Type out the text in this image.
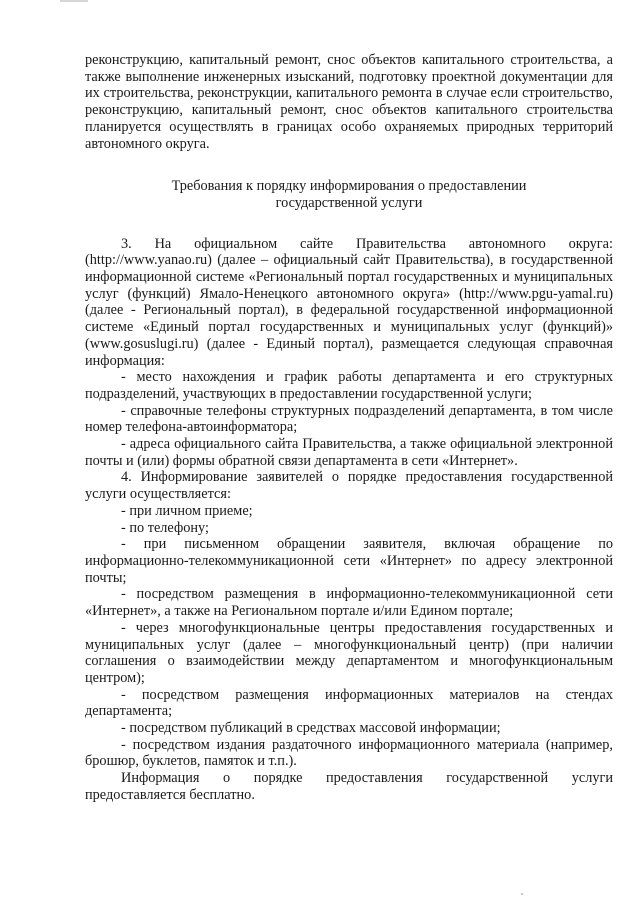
реконструкцию, капитальный ремонт, снос объектов капитального строительства, а также выполнение инженерных изысканий, подготовку проектной документации для их строительства, реконструкции, капитального ремонта в случае если строительство, реконструкцию, капитальный ремонт, снос объектов капитального строительства планируется осуществлять в границах особо охраняемых природных территорий автономного округа.

Требования к порядку информирования о предоставлении
государственной услуги

3. На официальном сайте Правительства автономного округа: (http://www.yanao.ru) (далее – официальный сайт Правительства), в государственной информационной системе «Региональный портал государственных и муниципальных услуг (функций) Ямало-Ненецкого автономного округа» (http://www.pgu-yamal.ru) (далее - Региональный портал), в федеральной государственной информационной системе «Единый портал государственных и муниципальных услуг (функций)» (www.gosuslugi.ru) (далее - Единый портал), размещается следующая справочная информация:

- место нахождения и график работы департамента и его структурных подразделений, участвующих в предоставлении государственной услуги;

- справочные телефоны структурных подразделений департамента, в том числе номер телефона-автоинформатора;

- адреса официального сайта Правительства, а также официальной электронной почты и (или) формы обратной связи департамента в сети «Интернет».

4. Информирование заявителей о порядке предоставления государственной услуги осуществляется:

- при личном приеме;

- по телефону;

- при письменном обращении заявителя, включая обращение по информационно-телекоммуникационной сети «Интернет» по адресу электронной почты;

- посредством размещения в информационно-телекоммуникационной сети «Интернет», а также на Региональном портале и/или Едином портале;

- через многофункциональные центры предоставления государственных и муниципальных услуг (далее – многофункциональный центр) (при наличии соглашения о взаимодействии между департаментом и многофункциональным центром);

- посредством размещения информационных материалов на стендах департамента;

- посредством публикаций в средствах массовой информации;

- посредством издания раздаточного информационного материала (например, брошюр, буклетов, памяток и т.п.).

Информация о порядке предоставления государственной услуги предоставляется бесплатно.
